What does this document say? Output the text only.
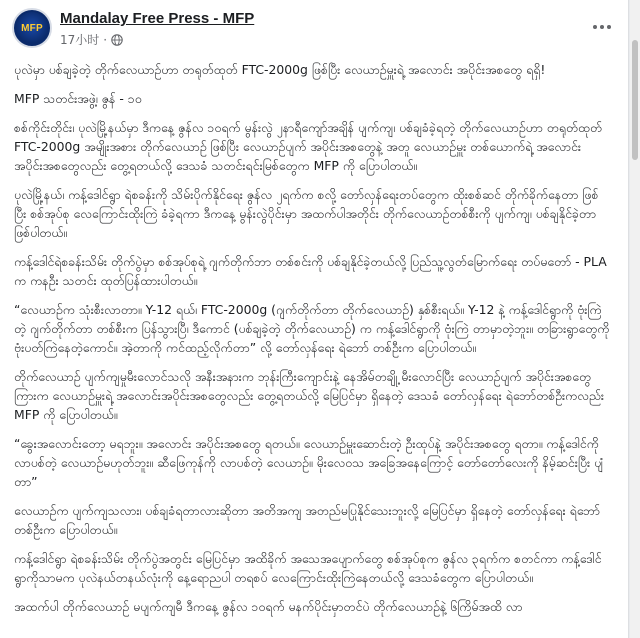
MFP
Mandalay Free Press - MFP
17小时 ·

ပုလဲမှာ ပစ်ချခဲ့တဲ့ တိုက်လေယာဉ်ဟာ တရုတ်ထုတ် FTC-2000g ဖြစ်ပြီး လေယာဉ်မှူးရဲ့ အလောင်း အပိုင်းအစတွေ ရရှိ!

MFP သတင်းအဖွဲ့၊ ဇွန် - ၁၀

စစ်ကိုင်းတိုင်း၊ ပုလဲမြို့နယ်မှာ ဒီကနေ့ ဇွန်လ ၁၀ရက် မွန်းလွဲ ၂နာရီကျော်အချိန် ပျက်ကျ၊ ပစ်ချခံခဲ့ရတဲ့ တိုက်လေယာဉ်ဟာ တရုတ်ထုတ် FTC-2000g အမျိုးအစား တိုက်လေယာဉ် ဖြစ်ပြီး လေယာဉ်ပျက် အပိုင်းအစတွေနဲ့ အတူ လေယာဉ်မှူး တစ်ယောက်ရဲ့ အလောင်းအပိုင်းအစတွေလည်း တွေ့ရတယ်လို့ ဒေသခံ သတင်းရင်းမြစ်တွေက MFP ကို ပြောပါတယ်။

ပုလဲမြို့နယ်၊ ကန့်ဒေါင်ရွာ ရဲစခန်းကို သိမ်းပိုက်နိုင်ရေး ဇွန်လ ၂ရက်က စလို့ တော်လှန်ရေးတပ်တွေက ထိုးစစ်ဆင် တိုက်ခိုက်နေတာ ဖြစ်ပြီး စစ်အုပ်စု လေကြောင်းထိုးကြဲ ခံခဲ့ရကာ ဒီကနေ့ မွန်းလွဲပိုင်းမှာ အထက်ပါအတိုင်း တိုက်လေယာဉ်တစ်စီးကို ပျက်ကျ၊ ပစ်ချနိုင်ခဲ့တာ ဖြစ်ပါတယ်။

ကန့်ဒေါင်ရဲစခန်းသိမ်း တိုက်ပွဲမှာ စစ်အုပ်စုရဲ့ ဂျက်တိုက်ဘာ တစ်စင်းကို ပစ်ချနိုင်ခဲ့တယ်လို့ ပြည်သူ့လွတ်မြောက်ရေး တပ်မတော် - PLA က ကနဦး သတင်း ထုတ်ပြန်ထားပါတယ်။

“လေယာဉ်က သုံးစီးလာတာ။ Y-12 ရယ်၊ FTC-2000g (ဂျက်တိုက်တာ တိုက်လေယာဉ်) နှစ်စီးရယ်။ Y-12 နဲ့ ကန့်ဒေါင်ရွာကို ဗုံးကြဲတဲ့ ဂျက်တိုက်တာ တစ်စီးက ပြန်သွားပြီ၊ ဒီကောင် (ပစ်ချခဲ့တဲ့ တိုက်လေယာဉ်) က ကန့်ဒေါင်ရွာကို ဗုံးကြဲ တာမှာတဲ့ဘူး။ တခြားရွာတွေကို ဗုံးပတ်ကြဲနေတဲ့ကောင်။ အဲ့တာကို ကင်ထည့်လိုက်တာ” လို့ တော်လှန်ရေး ရဲဘော် တစ်ဦးက ပြောပါတယ်။

တိုက်လေယာဉ် ပျက်ကျမှုမီးလောင်သလို အနီးအနားက ဘုန်းကြီးကျောင်းနဲ့ နေအိမ်တချို့ မီးလောင်ပြီး လေယာဉ်ပျက် အပိုင်းအစတွေကြားက လေယာဉ်မှူးရဲ့ အလောင်းအပိုင်းအစတွေလည်း တွေ့ရတယ်လို့ မြေပြင်မှာ ရှိနေတဲ့ ဒေသခံ တော်လှန်ရေး ရဲဘော်တစ်ဦးကလည်း MFP ကို ပြောပါတယ်။

“ခွေးအလောင်းတော့ မရဘူး။ အလောင်း အပိုင်းအစတွေ ရတယ်။ လေယာဉ်မှူးဆောင်းတဲ့ ဦးထုပ်နဲ့ အပိုင်းအစတွေ ရတာ။ ကန့်ဒေါင်ကို လာပစ်တဲ့ လေယာဉ်မဟုတ်ဘူး။ ဆီဖြေကုန်ကို လာပစ်တဲ့ လေယာဉ်။ မိုးလေဝသ အခြေအနေကြောင့် တော်တော်လေးကို နိမ့်ဆင်းပြီး ပျံတာ”

လေယာဉ်က ပျက်ကျသလား၊ ပစ်ချခံရတာလားဆိုတာ အတိအကျ အတည်မပြုနိုင်သေးဘူးလို့ မြေပြင်မှာ ရှိနေတဲ့ တော်လှန်ရေး ရဲဘော်တစ်ဦးက ပြောပါတယ်။

ကန့်ဒေါင်ရွာ ရဲစခန်းသိမ်း တိုက်ပွဲအတွင်း မြေပြင်မှာ အထိခိုက် အသေအပျောက်တွေ စစ်အုပ်စုက ဇွန်လ ၃ရက်က စတင်ကာ ကန့်ဒေါင်ရွာကိုသာမက ပုလဲနယ်တနယ်လုံးကို နေ့ရောညပါ တရစပ် လေကြောင်းထိုးကြဲနေတယ်လို့ ဒေသခံတွေက ပြောပါတယ်။

အထက်ပါ တိုက်လေယာဉ် မပျက်ကျမီ ဒီကနေ့ ဇွန်လ ၁၀ရက် မနက်ပိုင်းမှာတင်ပဲ တိုက်လေယာဉ်နဲ့ ၆ကြိမ်အထိ လာ
